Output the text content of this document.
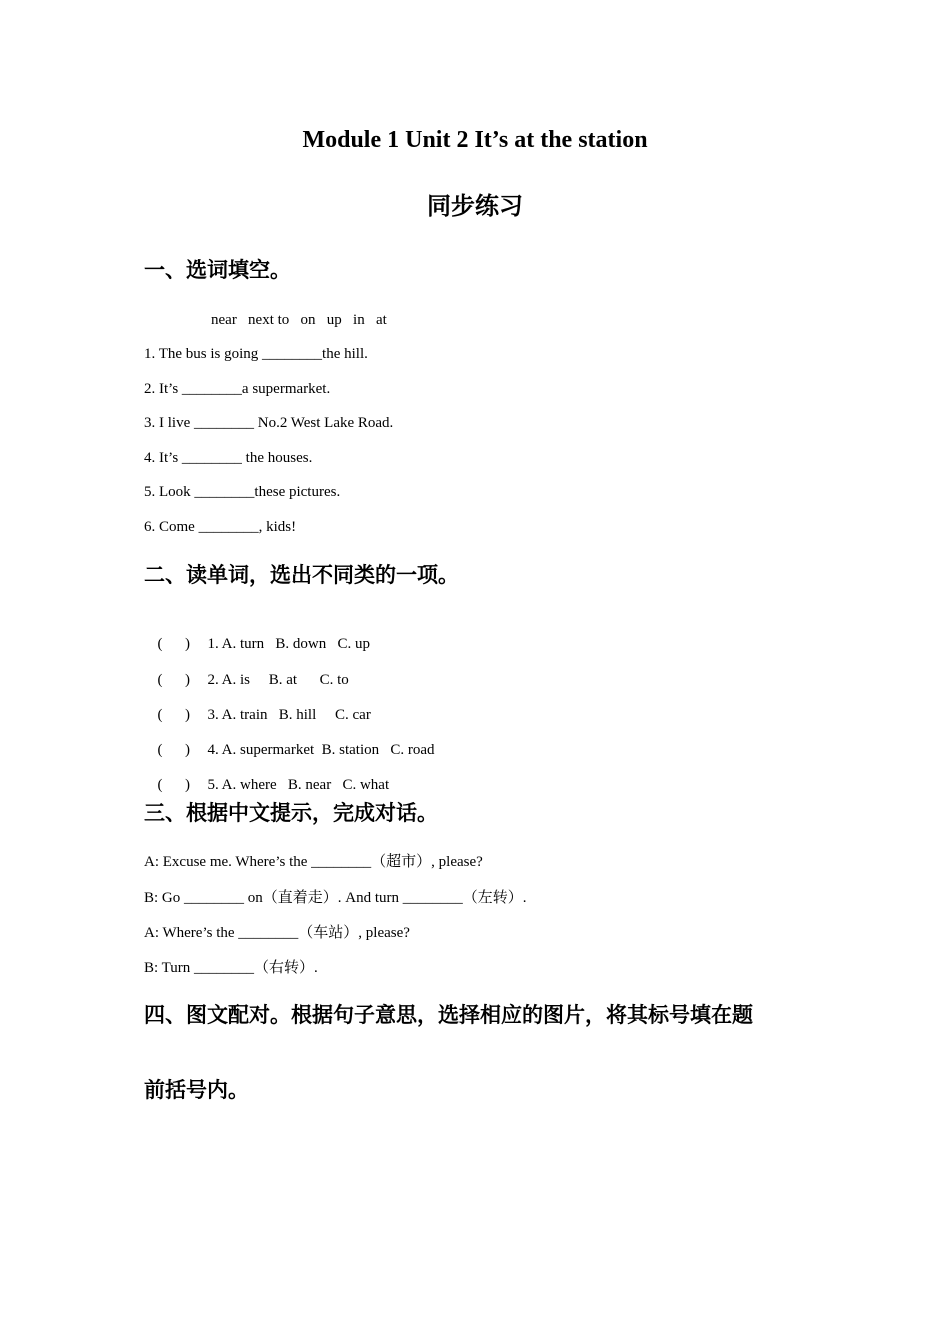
Module 1 Unit 2 It’s at the station
同步练习
一、选词填空。
near   next to   on   up   in   at
1. The bus is going ________the hill.
2. It’s ________a supermarket.
3. I live ________ No.2 West Lake Road.
4. It’s ________ the houses.
5. Look ________these pictures.
6. Come ________, kids!
二、读单词，选出不同类的一项。

(      ) 1. A. turn   B. down   C. up

(      ) 2. A. is     B. at      C. to

(      ) 3. A. train   B. hill     C. car

(      ) 4. A. supermarket  B. station   C. road

(      ) 5. A. where   B. near   C. what

三、根据中文提示，完成对话。
A: Excuse me. Where’s the ________（超市）, please?
B: Go ________ on（直着走）. And turn ________（左转）.
A: Where’s the ________（车站）, please?
B: Turn ________（右转）.
四、图文配对。根据句子意思，选择相应的图片，将其标号填在题
前括号内。
